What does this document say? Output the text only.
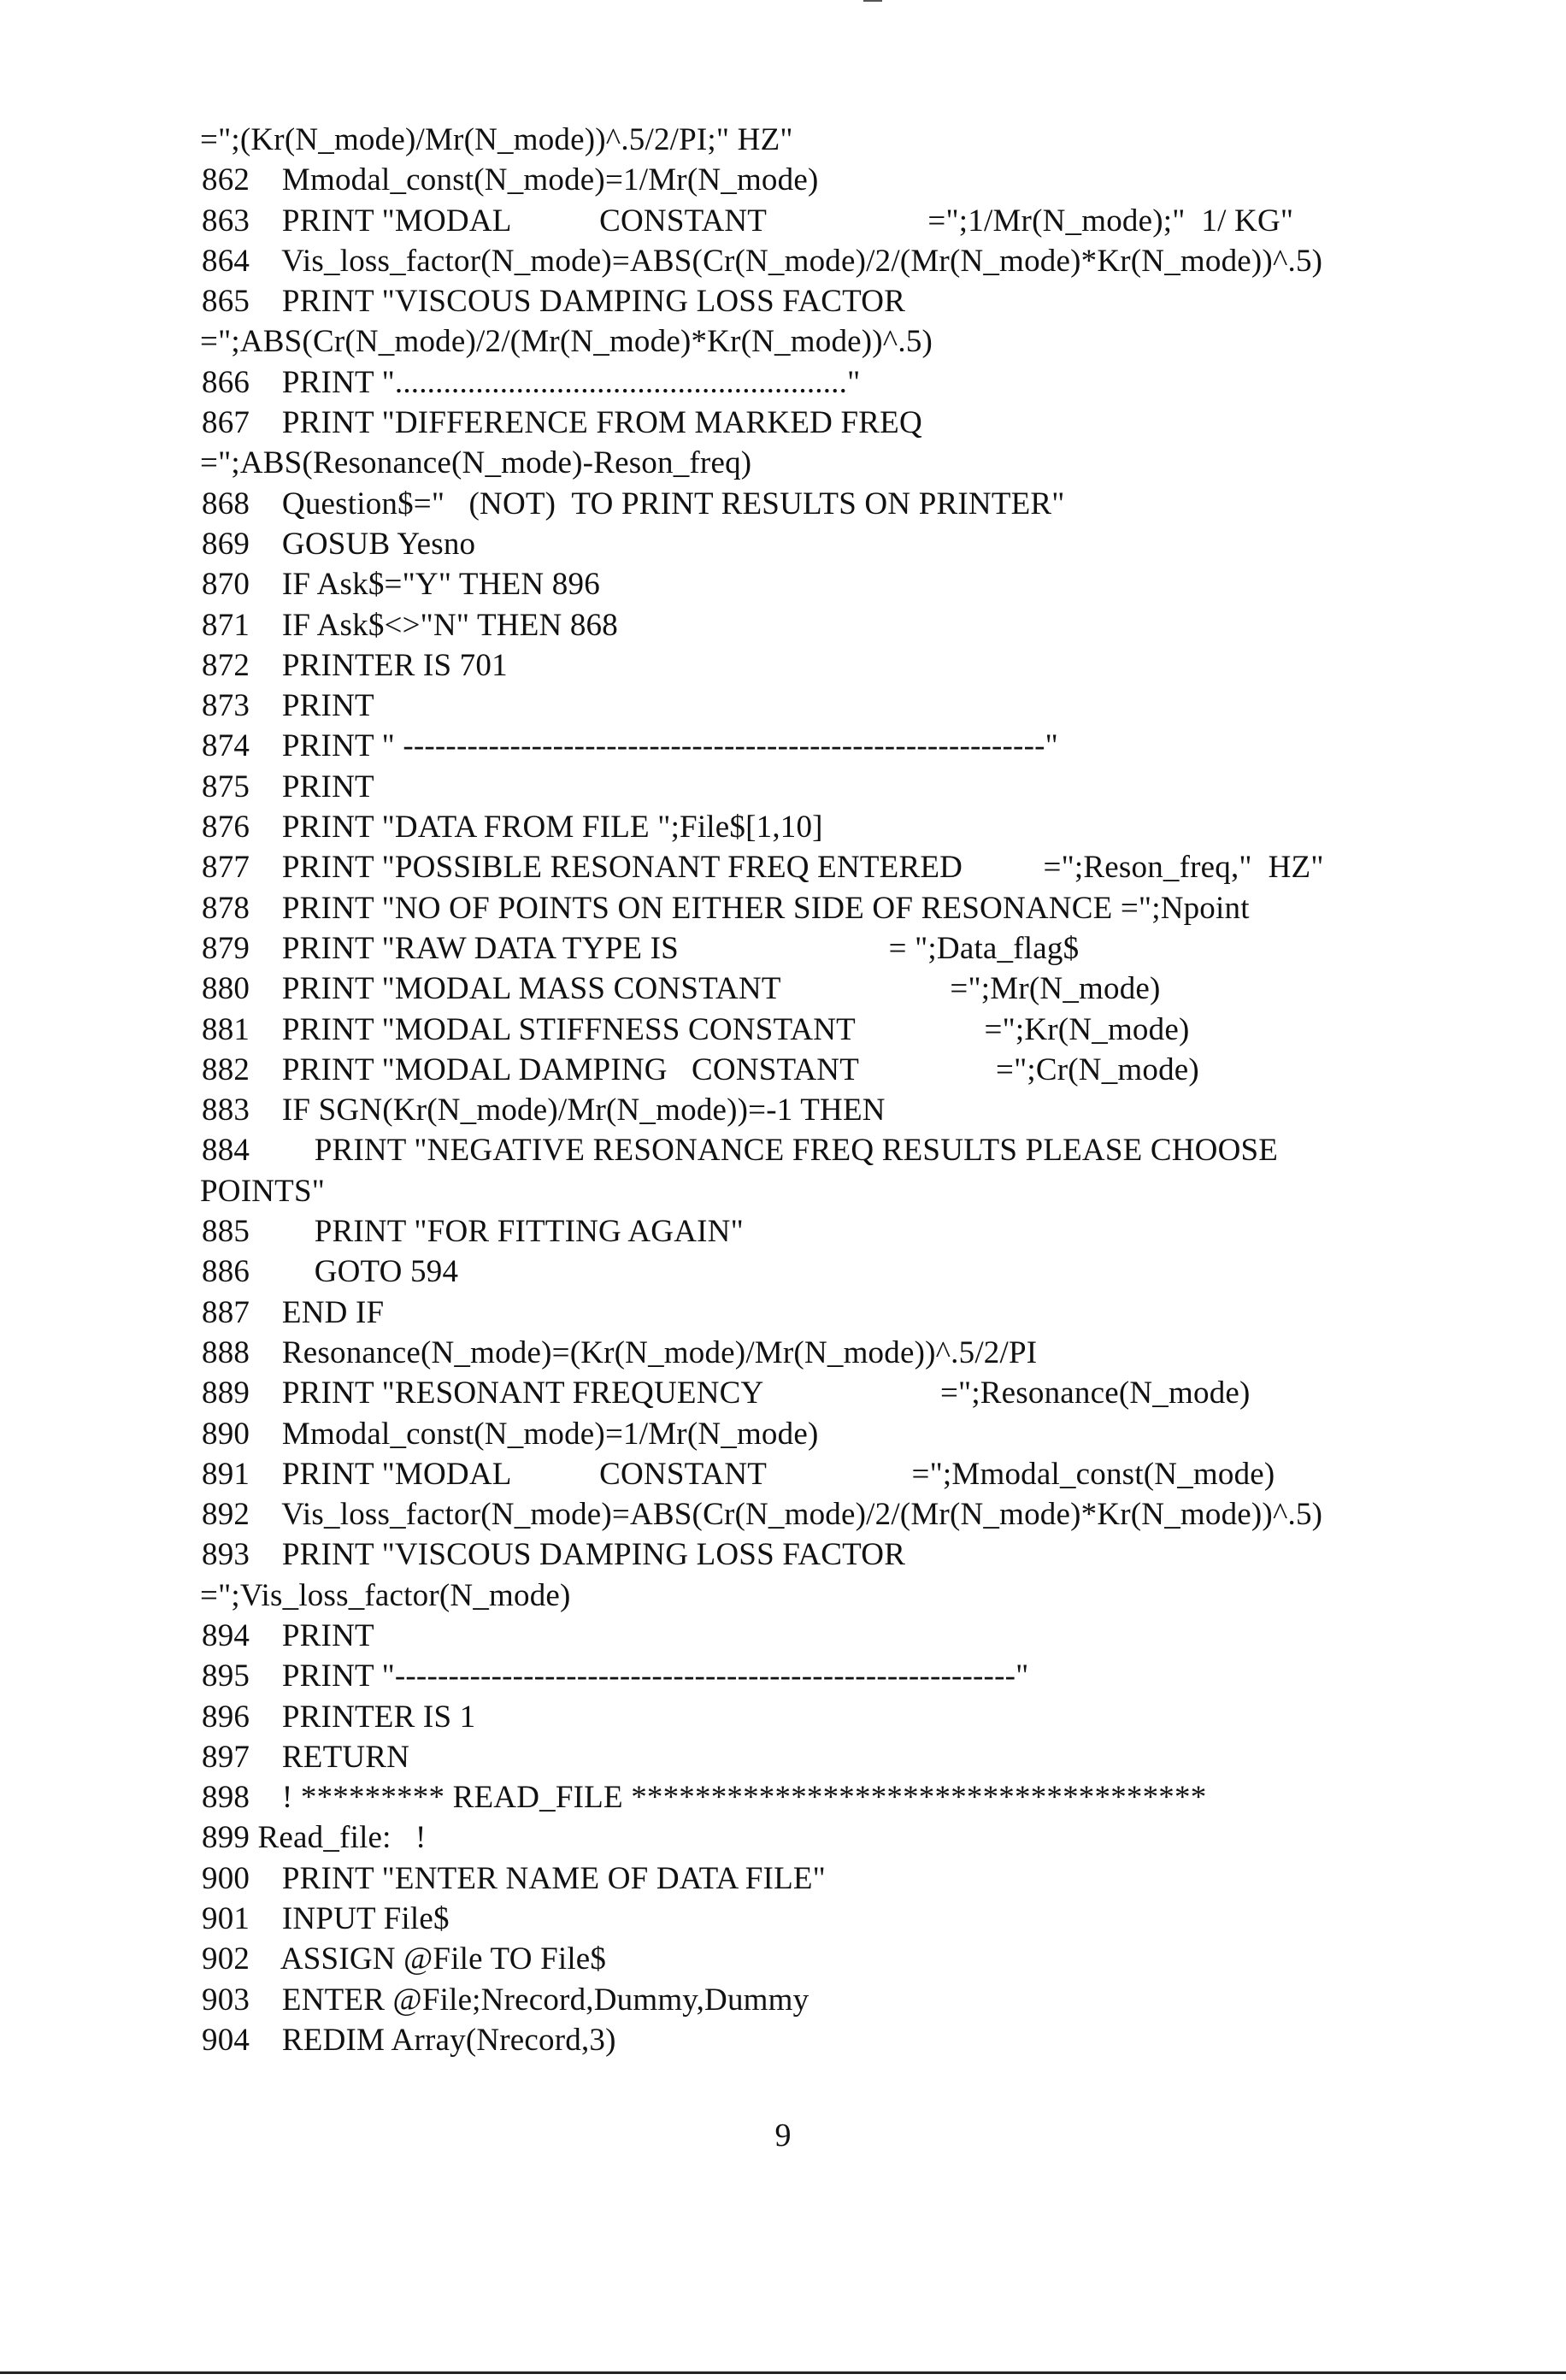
=";(Kr(N_mode)/Mr(N_mode))^.5/2/PI;" HZ"
862    Mmodal_const(N_mode)=1/Mr(N_mode)
863    PRINT "MODAL           CONSTANT                    =";1/Mr(N_mode);"  1/ KG"
864    Vis_loss_factor(N_mode)=ABS(Cr(N_mode)/2/(Mr(N_mode)*Kr(N_mode))^.5)
865    PRINT "VISCOUS DAMPING LOSS FACTOR
=";ABS(Cr(N_mode)/2/(Mr(N_mode)*Kr(N_mode))^.5)
866    PRINT "........................................................"
867    PRINT "DIFFERENCE FROM MARKED FREQ
=";ABS(Resonance(N_mode)-Reson_freq)
868    Question$="   (NOT)  TO PRINT RESULTS ON PRINTER"
869    GOSUB Yesno
870    IF Ask$="Y" THEN 896
871    IF Ask$<>"N" THEN 868
872    PRINTER IS 701
873    PRINT
874    PRINT " ------------------------------------------------------------"
875    PRINT
876    PRINT "DATA FROM FILE ";File$[1,10]
877    PRINT "POSSIBLE RESONANT FREQ ENTERED          =";Reson_freq,"  HZ"
878    PRINT "NO OF POINTS ON EITHER SIDE OF RESONANCE =";Npoint
879    PRINT "RAW DATA TYPE IS                          = ";Data_flag$
880    PRINT "MODAL MASS CONSTANT                     =";Mr(N_mode)
881    PRINT "MODAL STIFFNESS CONSTANT                =";Kr(N_mode)
882    PRINT "MODAL DAMPING   CONSTANT                 =";Cr(N_mode)
883    IF SGN(Kr(N_mode)/Mr(N_mode))=-1 THEN
884        PRINT "NEGATIVE RESONANCE FREQ RESULTS PLEASE CHOOSE
POINTS"
885        PRINT "FOR FITTING AGAIN"
886        GOTO 594
887    END IF
888    Resonance(N_mode)=(Kr(N_mode)/Mr(N_mode))^.5/2/PI
889    PRINT "RESONANT FREQUENCY                      =";Resonance(N_mode)
890    Mmodal_const(N_mode)=1/Mr(N_mode)
891    PRINT "MODAL           CONSTANT                  =";Mmodal_const(N_mode)
892    Vis_loss_factor(N_mode)=ABS(Cr(N_mode)/2/(Mr(N_mode)*Kr(N_mode))^.5)
893    PRINT "VISCOUS DAMPING LOSS FACTOR
=";Vis_loss_factor(N_mode)
894    PRINT
895    PRINT "----------------------------------------------------------"
896    PRINTER IS 1
897    RETURN
898    ! ********* READ_FILE ************************************
899 Read_file:   !
900    PRINT "ENTER NAME OF DATA FILE"
901    INPUT File$
902    ASSIGN @File TO File$
903    ENTER @File;Nrecord,Dummy,Dummy
904    REDIM Array(Nrecord,3)
9
